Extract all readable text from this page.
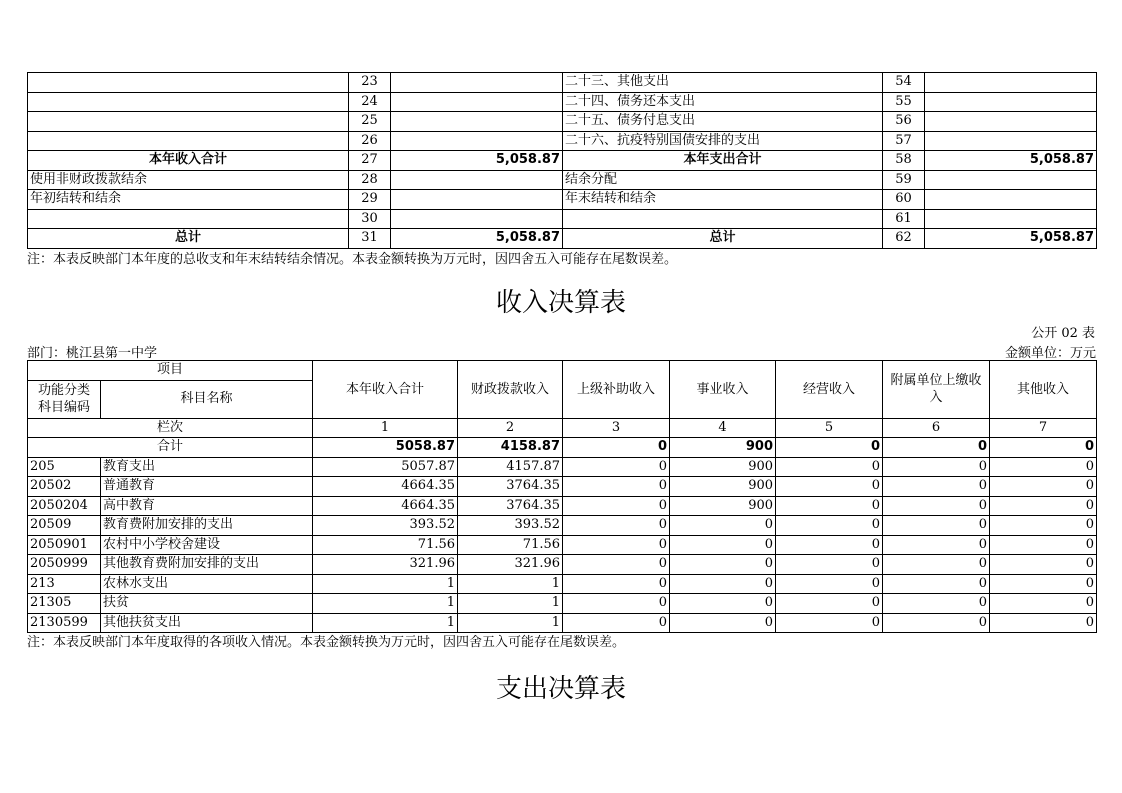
	23		二十三、其他支出	54	
	24		二十四、债务还本支出	55	
	25		二十五、债务付息支出	56	
	26		二十六、抗疫特别国债安排的支出	57	
本年收入合计	27	5,058.87	本年支出合计	58	5,058.87
使用非财政拨款结余	28		结余分配	59	
年初结转和结余	29		年末结转和结余	60	
	30			61	
总计	31	5,058.87	总计	62	5,058.87
注：本表反映部门本年度的总收支和年末结转结余情况。本表金额转换为万元时，因四舍五入可能存在尾数误差。
收入决算表
公开 02 表
部门：桃江县第一中学	金额单位：万元
项目		本年收入合计	财政拨款收入	上级补助收入	事业收入	经营收入	附属单位上缴收入	其他收入
功能分类
科目编码	科目名称							
栏次		1	2	3	4	5	6	7
合计		5058.87	4158.87	0	900	0	0	0
205	教育支出	5057.87	4157.87	0	900	0	0	0
20502	普通教育	4664.35	3764.35	0	900	0	0	0
2050204	高中教育	4664.35	3764.35	0	900	0	0	0
20509	教育费附加安排的支出	393.52	393.52	0	0	0	0	0
2050901	农村中小学校舍建设	71.56	71.56	0	0	0	0	0
2050999	其他教育费附加安排的支出	321.96	321.96	0	0	0	0	0
213	农林水支出	1	1	0	0	0	0	0
21305	扶贫	1	1	0	0	0	0	0
2130599	其他扶贫支出	1	1	0	0	0	0	0
注：本表反映部门本年度取得的各项收入情况。本表金额转换为万元时，因四舍五入可能存在尾数误差。
支出决算表
